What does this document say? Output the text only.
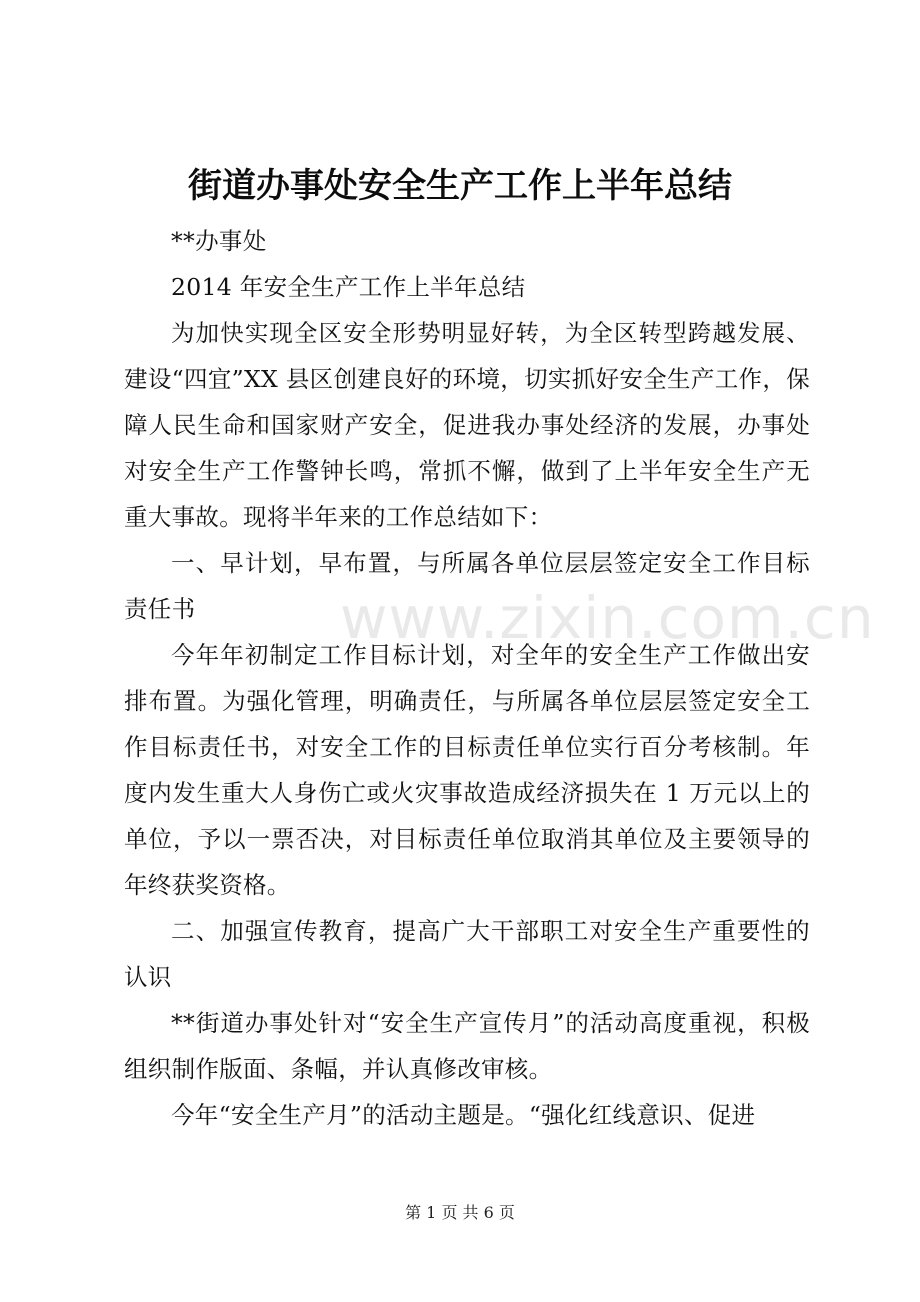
街道办事处安全生产工作上半年总结

**办事处

2014 年安全生产工作上半年总结

为加快实现全区安全形势明显好转，为全区转型跨越发展、建设“四宜”XX 县区创建良好的环境，切实抓好安全生产工作，保障人民生命和国家财产安全，促进我办事处经济的发展，办事处对安全生产工作警钟长鸣，常抓不懈，做到了上半年安全生产无重大事故。现将半年来的工作总结如下：

一、早计划，早布置，与所属各单位层层签定安全工作目标责任书

今年年初制定工作目标计划，对全年的安全生产工作做出安排布置。为强化管理，明确责任，与所属各单位层层签定安全工作目标责任书，对安全工作的目标责任单位实行百分考核制。年度内发生重大人身伤亡或火灾事故造成经济损失在 1 万元以上的单位，予以一票否决，对目标责任单位取消其单位及主要领导的年终获奖资格。

二、加强宣传教育，提高广大干部职工对安全生产重要性的认识

**街道办事处针对“安全生产宣传月”的活动高度重视，积极组织制作版面、条幅，并认真修改审核。

今年“安全生产月”的活动主题是。“强化红线意识、促进

www.zixin.com.cn
第 1 页 共 6 页
